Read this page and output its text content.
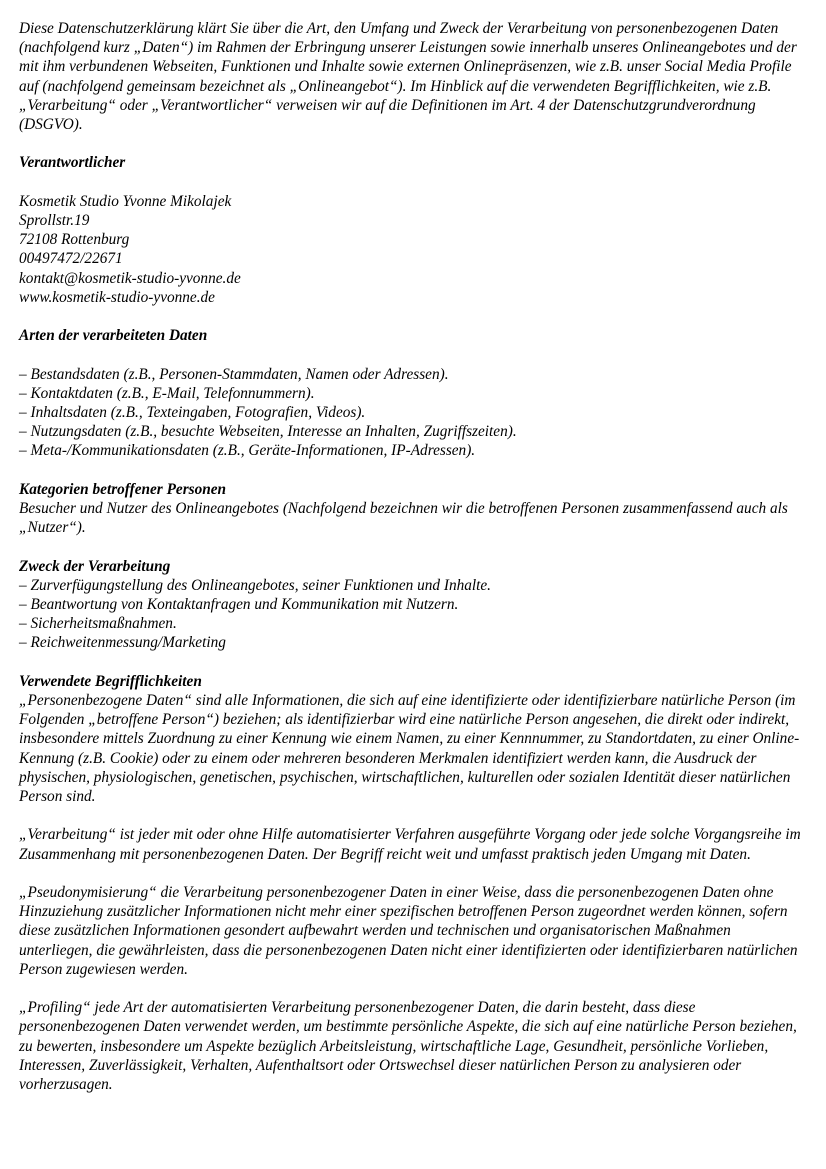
Diese Datenschutzerklärung klärt Sie über die Art, den Umfang und Zweck der Verarbeitung von personenbezogenen Daten (nachfolgend kurz „Daten“) im Rahmen der Erbringung unserer Leistungen sowie innerhalb unseres Onlineangebotes und der mit ihm verbundenen Webseiten, Funktionen und Inhalte sowie externen Onlinepräsenzen, wie z.B. unser Social Media Profile auf (nachfolgend gemeinsam bezeichnet als „Onlineangebot“). Im Hinblick auf die verwendeten Begrifflichkeiten, wie z.B. „Verarbeitung“ oder „Verantwortlicher“ verweisen wir auf die Definitionen im Art. 4 der Datenschutzgrundverordnung (DSGVO).

Verantwortlicher

Kosmetik Studio Yvonne Mikolajek
Sprollstr.19
72108 Rottenburg
00497472/22671
kontakt@kosmetik-studio-yvonne.de
www.kosmetik-studio-yvonne.de

Arten der verarbeiteten Daten

– Bestandsdaten (z.B., Personen-Stammdaten, Namen oder Adressen).
– Kontaktdaten (z.B., E-Mail, Telefonnummern).
– Inhaltsdaten (z.B., Texteingaben, Fotografien, Videos).
– Nutzungsdaten (z.B., besuchte Webseiten, Interesse an Inhalten, Zugriffszeiten).
– Meta-/Kommunikationsdaten (z.B., Geräte-Informationen, IP-Adressen).

Kategorien betroffener Personen

Besucher und Nutzer des Onlineangebotes (Nachfolgend bezeichnen wir die betroffenen Personen zusammenfassend auch als „Nutzer“).

Zweck der Verarbeitung

– Zurverfügungstellung des Onlineangebotes, seiner Funktionen und Inhalte.
– Beantwortung von Kontaktanfragen und Kommunikation mit Nutzern.
– Sicherheitsmaßnahmen.
– Reichweitenmessung/Marketing

Verwendete Begrifflichkeiten

„Personenbezogene Daten“ sind alle Informationen, die sich auf eine identifizierte oder identifizierbare natürliche Person (im Folgenden „betroffene Person“) beziehen; als identifizierbar wird eine natürliche Person angesehen, die direkt oder indirekt, insbesondere mittels Zuordnung zu einer Kennung wie einem Namen, zu einer Kennnummer, zu Standortdaten, zu einer Online-Kennung (z.B. Cookie) oder zu einem oder mehreren besonderen Merkmalen identifiziert werden kann, die Ausdruck der physischen, physiologischen, genetischen, psychischen, wirtschaftlichen, kulturellen oder sozialen Identität dieser natürlichen Person sind.

„Verarbeitung“ ist jeder mit oder ohne Hilfe automatisierter Verfahren ausgeführte Vorgang oder jede solche Vorgangsreihe im Zusammenhang mit personenbezogenen Daten. Der Begriff reicht weit und umfasst praktisch jeden Umgang mit Daten.

„Pseudonymisierung“ die Verarbeitung personenbezogener Daten in einer Weise, dass die personenbezogenen Daten ohne Hinzuziehung zusätzlicher Informationen nicht mehr einer spezifischen betroffenen Person zugeordnet werden können, sofern diese zusätzlichen Informationen gesondert aufbewahrt werden und technischen und organisatorischen Maßnahmen unterliegen, die gewährleisten, dass die personenbezogenen Daten nicht einer identifizierten oder identifizierbaren natürlichen Person zugewiesen werden.

„Profiling“ jede Art der automatisierten Verarbeitung personenbezogener Daten, die darin besteht, dass diese personenbezogenen Daten verwendet werden, um bestimmte persönliche Aspekte, die sich auf eine natürliche Person beziehen, zu bewerten, insbesondere um Aspekte bezüglich Arbeitsleistung, wirtschaftliche Lage, Gesundheit, persönliche Vorlieben, Interessen, Zuverlässigkeit, Verhalten, Aufenthaltsort oder Ortswechsel dieser natürlichen Person zu analysieren oder vorherzusagen.
